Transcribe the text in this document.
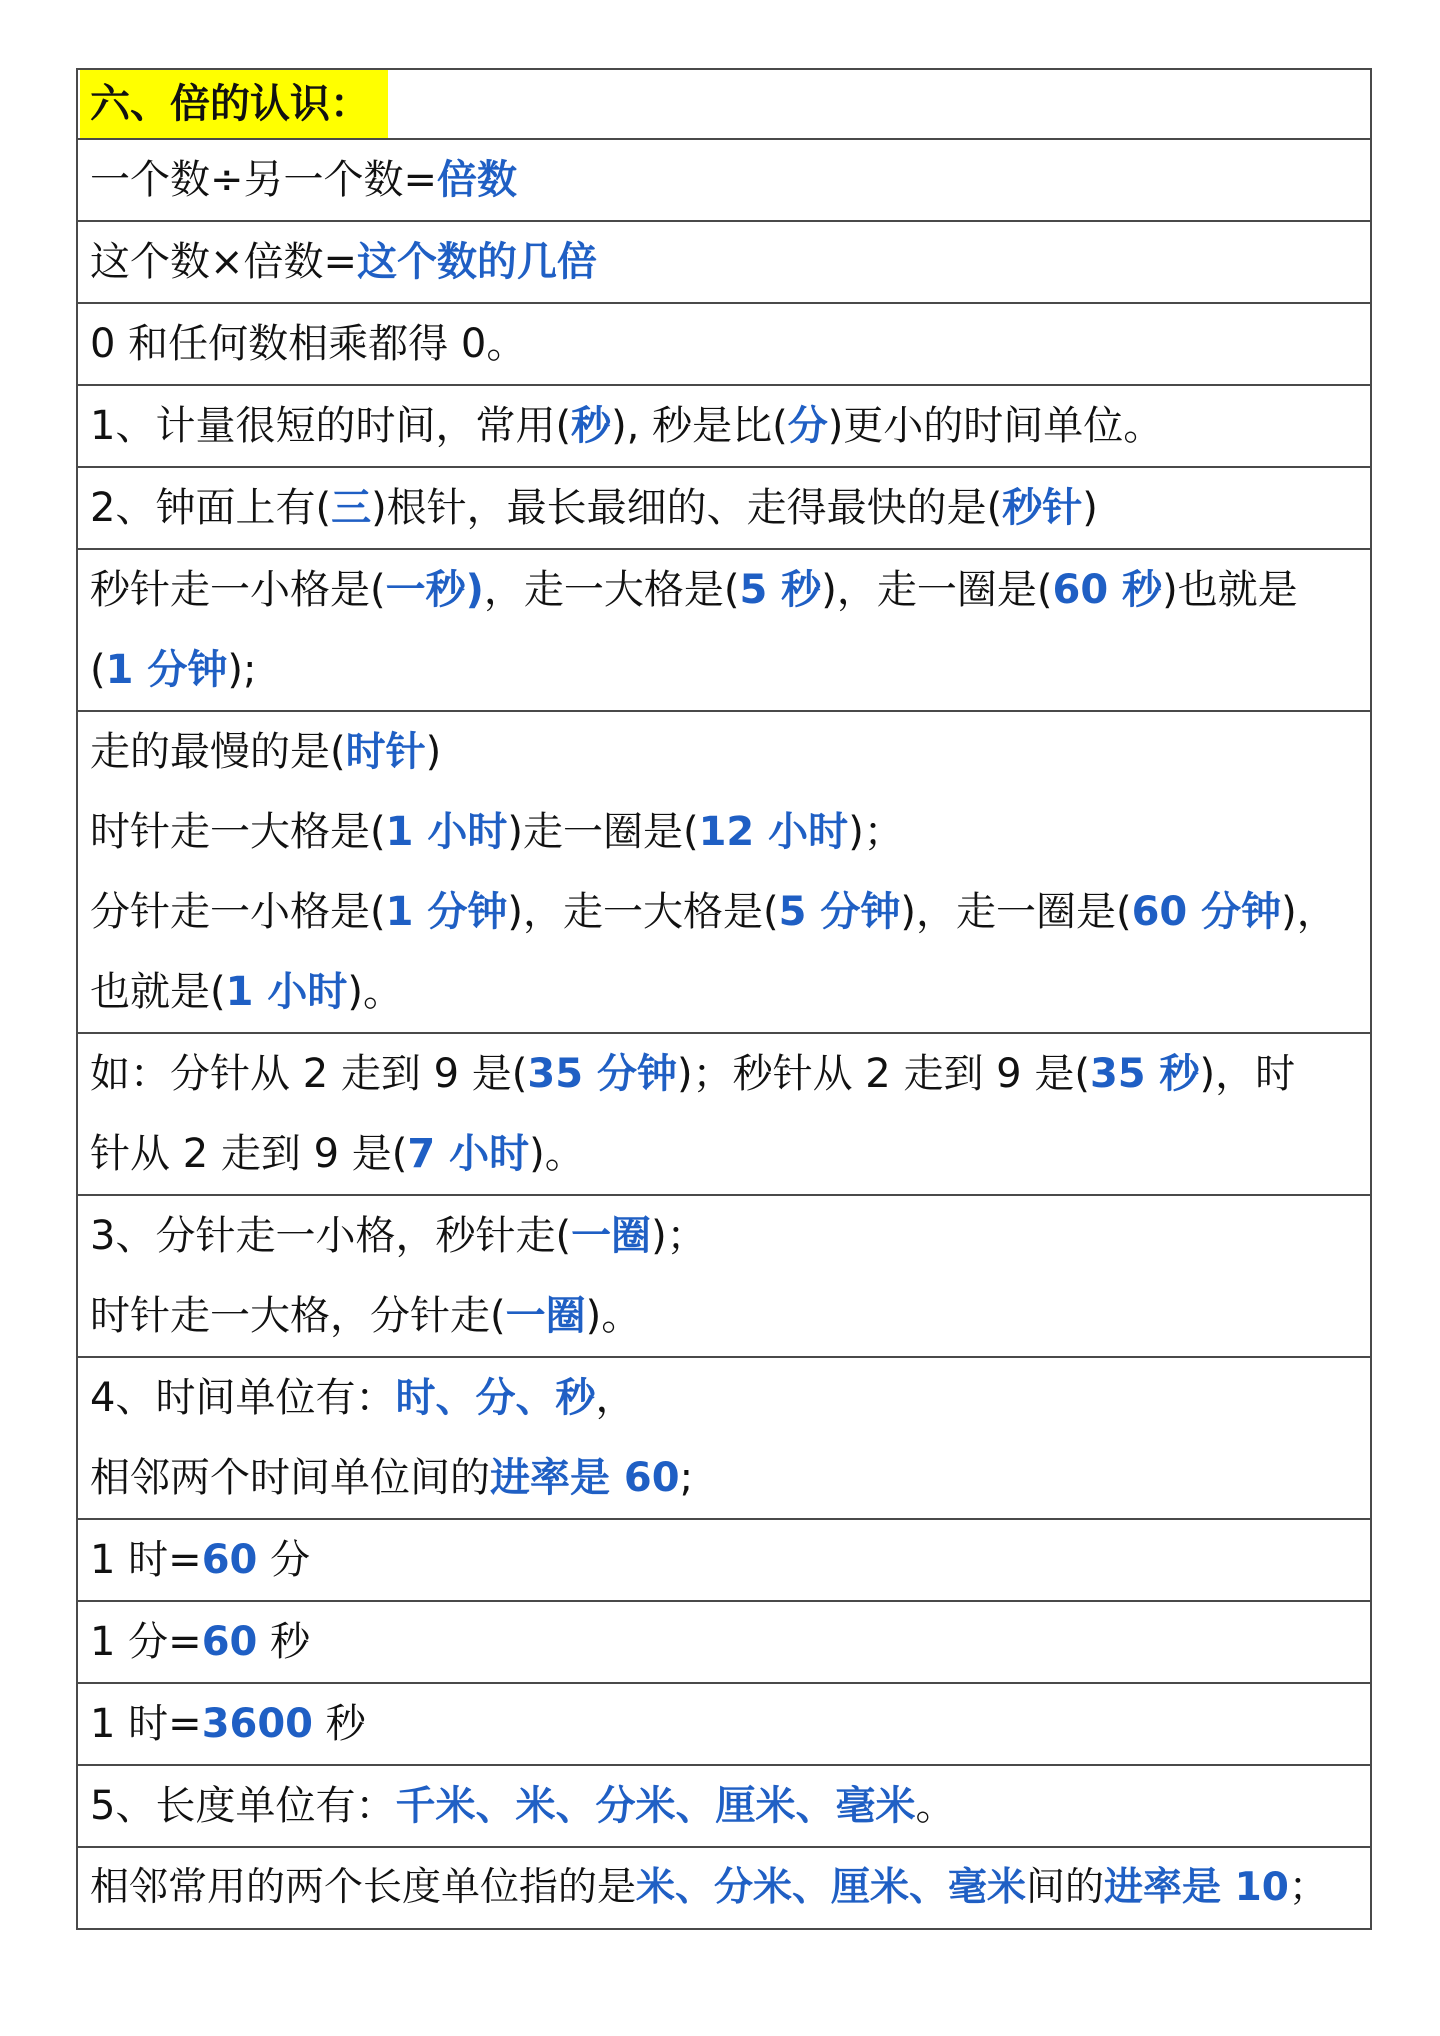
六、倍的认识：
一个数÷另一个数=倍数
这个数×倍数=这个数的几倍
0 和任何数相乘都得 0。
1、计量很短的时间，常用(秒), 秒是比(分)更小的时间单位。
2、钟面上有(三)根针，最长最细的、走得最快的是(秒针)
秒针走一小格是(一秒)，走一大格是(5 秒)，走一圈是(60 秒)也就是
(1 分钟);
走的最慢的是(时针)
时针走一大格是(1 小时)走一圈是(12 小时)；
分针走一小格是(1 分钟)，走一大格是(5 分钟)，走一圈是(60 分钟)，
也就是(1 小时)。
如：分针从 2 走到 9 是(35 分钟)；秒针从 2 走到 9 是(35 秒)，时
针从 2 走到 9 是(7 小时)。
3、分针走一小格，秒针走(一圈)；
时针走一大格，分针走(一圈)。
4、时间单位有：时、分、秒，
相邻两个时间单位间的进率是 60;
1 时=60 分
1 分=60 秒
1 时=3600 秒
5、长度单位有：千米、米、分米、厘米、毫米。
相邻常用的两个长度单位指的是米、分米、厘米、毫米间的进率是 10；
